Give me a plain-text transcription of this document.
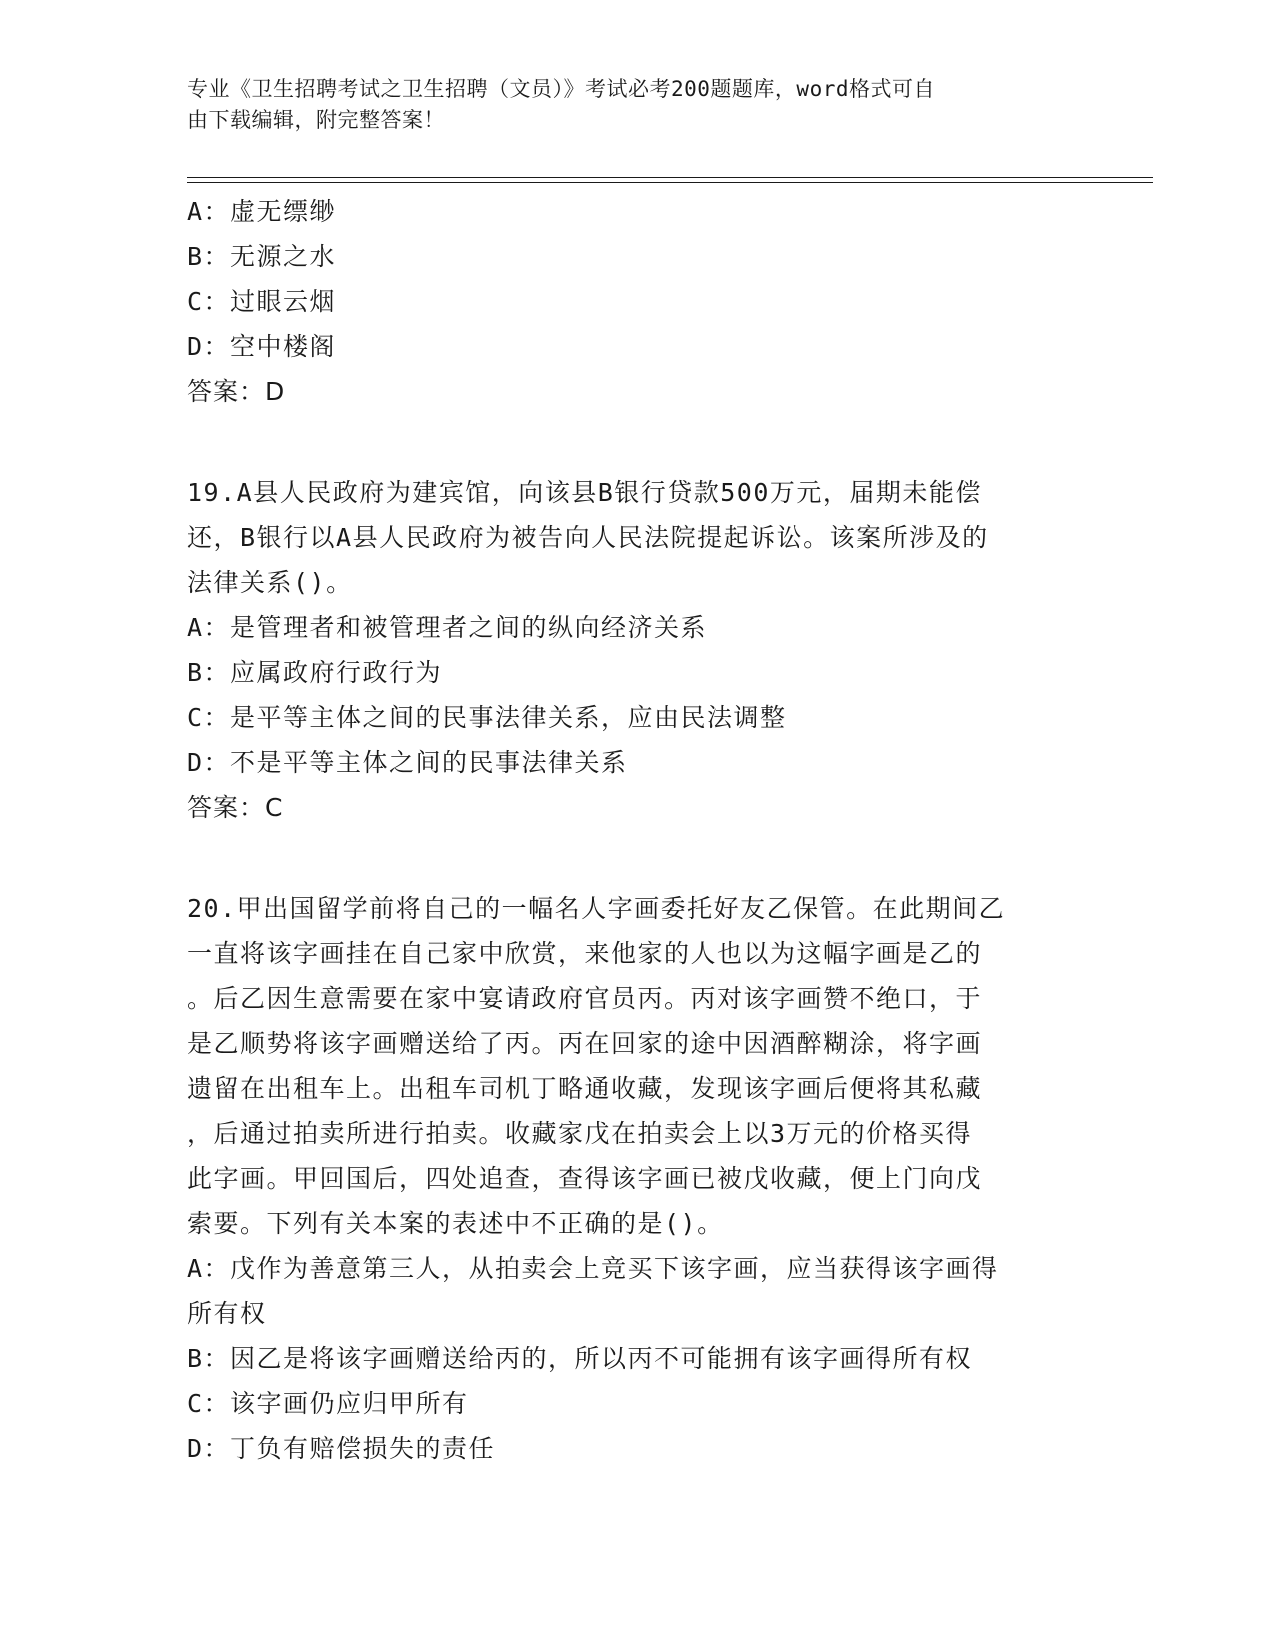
专业《卫生招聘考试之卫生招聘（文员）》考试必考200题题库，word格式可自
由下载编辑，附完整答案！
A：虚无缥缈
B：无源之水
C：过眼云烟
D：空中楼阁
答案：D
19.A县人民政府为建宾馆，向该县B银行贷款500万元，届期未能偿
还，B银行以A县人民政府为被告向人民法院提起诉讼。该案所涉及的
法律关系()。
A：是管理者和被管理者之间的纵向经济关系
B：应属政府行政行为
C：是平等主体之间的民事法律关系，应由民法调整
D：不是平等主体之间的民事法律关系
答案：C
20.甲出国留学前将自己的一幅名人字画委托好友乙保管。在此期间乙
一直将该字画挂在自己家中欣赏，来他家的人也以为这幅字画是乙的
。后乙因生意需要在家中宴请政府官员丙。丙对该字画赞不绝口，于
是乙顺势将该字画赠送给了丙。丙在回家的途中因酒醉糊涂，将字画
遗留在出租车上。出租车司机丁略通收藏，发现该字画后便将其私藏
，后通过拍卖所进行拍卖。收藏家戊在拍卖会上以3万元的价格买得
此字画。甲回国后，四处追查，查得该字画已被戊收藏，便上门向戊
索要。下列有关本案的表述中不正确的是()。
A：戊作为善意第三人，从拍卖会上竞买下该字画，应当获得该字画得
所有权
B：因乙是将该字画赠送给丙的，所以丙不可能拥有该字画得所有权
C：该字画仍应归甲所有
D：丁负有赔偿损失的责任
